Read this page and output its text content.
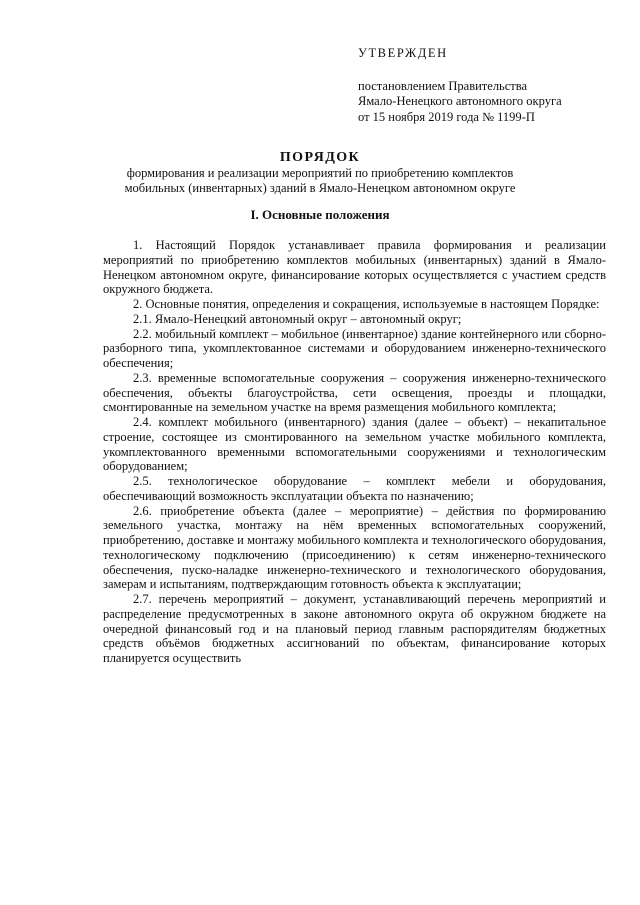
УТВЕРЖДЕН
постановлением Правительства
Ямало-Ненецкого автономного округа
от 15 ноября 2019 года № 1199-П
ПОРЯДОК
формирования и реализации мероприятий по приобретению комплектов
мобильных (инвентарных) зданий в Ямало-Ненецком автономном округе
I. Основные положения

1. Настоящий Порядок устанавливает правила формирования и реализации мероприятий по приобретению комплектов мобильных (инвентарных) зданий в Ямало-Ненецком автономном округе, финансирование которых осуществляется с участием средств окружного бюджета.

2. Основные понятия, определения и сокращения, используемые в настоящем Порядке:

2.1. Ямало-Ненецкий автономный округ – автономный округ;

2.2. мобильный комплект – мобильное (инвентарное) здание контейнерного или сборно-разборного типа, укомплектованное системами и оборудованием инженерно-технического обеспечения;

2.3. временные вспомогательные сооружения – сооружения инженерно-технического обеспечения, объекты благоустройства, сети освещения, проезды и площадки, смонтированные на земельном участке на время размещения мобильного комплекта;

2.4. комплект мобильного (инвентарного) здания (далее – объект) – некапитальное строение, состоящее из смонтированного на земельном участке мобильного комплекта, укомплектованного временными вспомогательными сооружениями и технологическим оборудованием;

2.5. технологическое оборудование – комплект мебели и оборудования, обеспечивающий возможность эксплуатации объекта по назначению;

2.6. приобретение объекта (далее – мероприятие) – действия по формированию земельного участка, монтажу на нём временных вспомогательных сооружений, приобретению, доставке и монтажу мобильного комплекта и технологического оборудования, технологическому подключению (присоединению) к сетям инженерно-технического обеспечения, пуско-наладке инженерно-технического и технологического оборудования, замерам и испытаниям, подтверждающим готовность объекта к эксплуатации;

2.7. перечень мероприятий – документ, устанавливающий перечень мероприятий и распределение предусмотренных в законе автономного округа об окружном бюджете на очередной финансовый год и на плановый период главным распорядителям бюджетных средств объёмов бюджетных ассигнований по объектам, финансирование которых планируется осуществить
